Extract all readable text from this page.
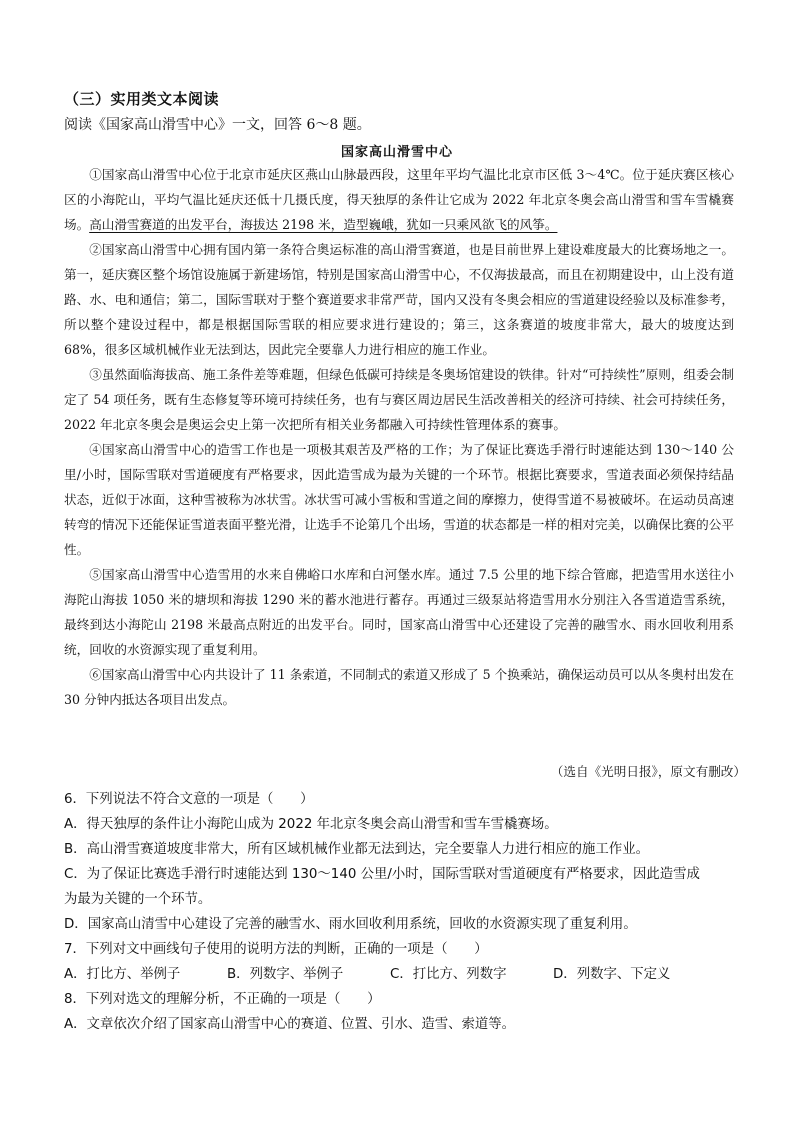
（三）实用类文本阅读
阅读《国家高山滑雪中心》一文，回答 6～8 题。
国家高山滑雪中心

①国家高山滑雪中心位于北京市延庆区燕山山脉最西段，这里年平均气温比北京市区低 3～4℃。位于延庆赛区核心区的小海陀山，平均气温比延庆还低十几摄氏度，得天独厚的条件让它成为 2022 年北京冬奥会高山滑雪和雪车雪橇赛场。高山滑雪赛道的出发平台，海拔达 2198 米，造型巍峨，犹如一只乘风欲飞的风筝。

②国家高山滑雪中心拥有国内第一条符合奥运标准的高山滑雪赛道，也是目前世界上建设难度最大的比赛场地之一。第一，延庆赛区整个场馆设施属于新建场馆，特别是国家高山滑雪中心，不仅海拔最高，而且在初期建设中，山上没有道路、水、电和通信；第二，国际雪联对于整个赛道要求非常严苛，国内又没有冬奥会相应的雪道建设经验以及标准参考，所以整个建设过程中，都是根据国际雪联的相应要求进行建设的；第三，这条赛道的坡度非常大，最大的坡度达到 68%，很多区域机械作业无法到达，因此完全要靠人力进行相应的施工作业。

③虽然面临海拔高、施工条件差等难题，但绿色低碳可持续是冬奥场馆建设的铁律。针对“可持续性”原则，组委会制定了 54 项任务，既有生态修复等环境可持续任务，也有与赛区周边居民生活改善相关的经济可持续、社会可持续任务，2022 年北京冬奥会是奥运会史上第一次把所有相关业务都融入可持续性管理体系的赛事。

④国家高山滑雪中心的造雪工作也是一项极其艰苦及严格的工作；为了保证比赛选手滑行时速能达到 130～140 公里/小时，国际雪联对雪道硬度有严格要求，因此造雪成为最为关键的一个环节。根据比赛要求，雪道表面必须保持结晶状态，近似于冰面，这种雪被称为冰状雪。冰状雪可减小雪板和雪道之间的摩擦力，使得雪道不易被破坏。在运动员高速转弯的情况下还能保证雪道表面平整光滑，让选手不论第几个出场，雪道的状态都是一样的相对完美，以确保比赛的公平性。

⑤国家高山滑雪中心造雪用的水来自佛峪口水库和白河堡水库。通过 7.5 公里的地下综合管廊，把造雪用水送往小海陀山海拔 1050 米的塘坝和海拔 1290 米的蓄水池进行蓄存。再通过三级泵站将造雪用水分别注入各雪道造雪系统，最终到达小海陀山 2198 米最高点附近的出发平台。同时，国家高山滑雪中心还建设了完善的融雪水、雨水回收利用系统，回收的水资源实现了重复利用。

⑥国家高山滑雪中心内共设计了 11 条索道，不同制式的索道又形成了 5 个换乘站，确保运动员可以从冬奥村出发在 30 分钟内抵达各项目出发点。

（选自《光明日报》，原文有删改）
6．下列说法不符合文意的一项是（　　）
A．得天独厚的条件让小海陀山成为 2022 年北京冬奥会高山滑雪和雪车雪橇赛场。
B．高山滑雪赛道坡度非常大，所有区域机械作业都无法到达，完全要靠人力进行相应的施工作业。
C．为了保证比赛选手滑行时速能达到 130～140 公里/小时，国际雪联对雪道硬度有严格要求，因此造雪成
为最为关键的一个环节。
D．国家高山清雪中心建设了完善的融雪水、雨水回收利用系统，回收的水资源实现了重复利用。
7．下列对文中画线句子使用的说明方法的判断，正确的一项是（　　）
A．打比方、举例子	B．列数字、举例子	C．打比方、列数字	D．列数字、下定义
8．下列对选文的理解分析，不正确的一项是（　　）
A．文章依次介绍了国家高山滑雪中心的赛道、位置、引水、造雪、索道等。
